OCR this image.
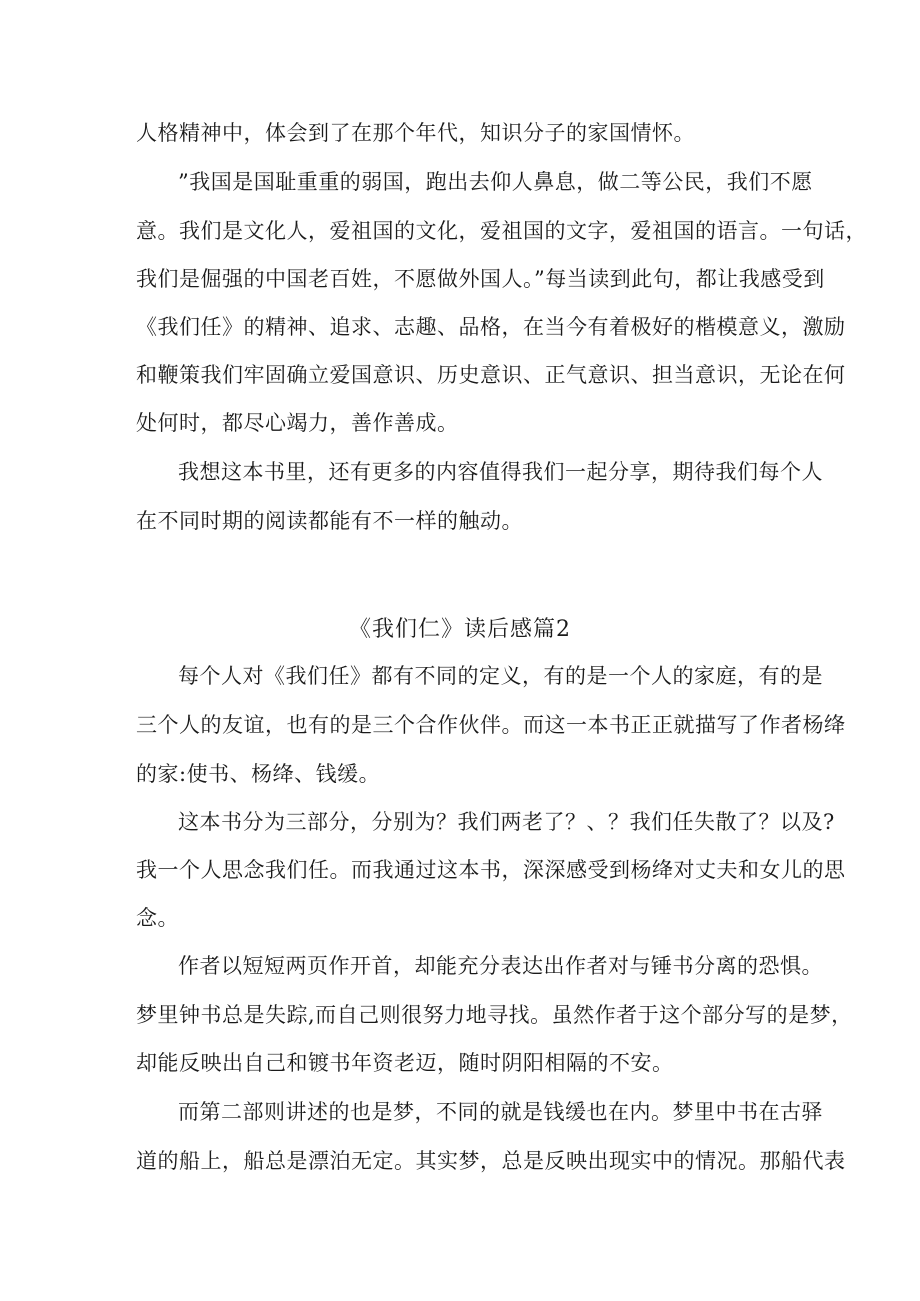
人格精神中，体会到了在那个年代，知识分子的家国情怀。
”我国是国耻重重的弱国，跑出去仰人鼻息，做二等公民，我们不愿
意。我们是文化人，爱祖国的文化，爱祖国的文字，爱祖国的语言。一句话，
我们是倔强的中国老百姓，不愿做外国人。”每当读到此句，都让我感受到
《我们任》的精神、追求、志趣、品格，在当今有着极好的楷模意义，激励
和鞭策我们牢固确立爱国意识、历史意识、正气意识、担当意识，无论在何
处何时，都尽心竭力，善作善成。
我想这本书里，还有更多的内容值得我们一起分享，期待我们每个人
在不同时期的阅读都能有不一样的触动。
《我们仁》读后感篇2
每个人对《我们任》都有不同的定义，有的是一个人的家庭，有的是
三个人的友谊，也有的是三个合作伙伴。而这一本书正正就描写了作者杨绛
的家:使书、杨绛、钱缓。
这本书分为三部分，分别为？我们两老了？、？我们任失散了？以及?
我一个人思念我们任。而我通过这本书，深深感受到杨绛对丈夫和女儿的思
念。
作者以短短两页作开首，却能充分表达出作者对与锤书分离的恐惧。
梦里钟书总是失踪,而自己则很努力地寻找。虽然作者于这个部分写的是梦，
却能反映出自己和镀书年资老迈，随时阴阳相隔的不安。
而第二部则讲述的也是梦，不同的就是钱缓也在内。梦里中书在古驿
道的船上，船总是漂泊无定。其实梦，总是反映出现实中的情况。那船代表
